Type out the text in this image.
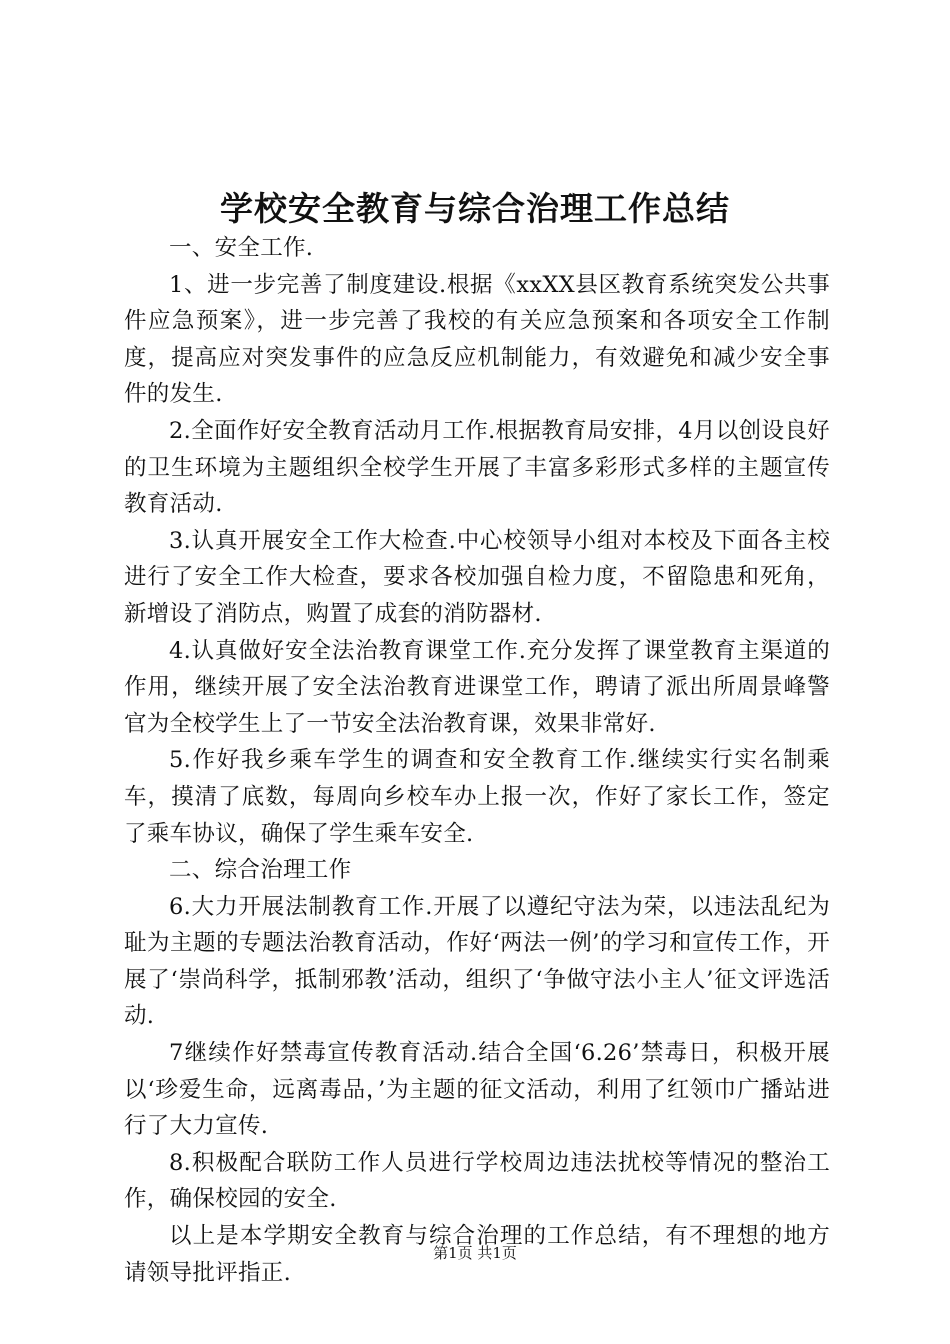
学校安全教育与综合治理工作总结

一、安全工作.

1、进一步完善了制度建设.根据《xxXX县区教育系统突发公共事件应急预案》，进一步完善了我校的有关应急预案和各项安全工作制度，提高应对突发事件的应急反应机制能力，有效避免和减少安全事件的发生.

2.全面作好安全教育活动月工作.根据教育局安排，4月以创设良好的卫生环境为主题组织全校学生开展了丰富多彩形式多样的主题宣传教育活动.

3.认真开展安全工作大检查.中心校领导小组对本校及下面各主校进行了安全工作大检查，要求各校加强自检力度，不留隐患和死角，新增设了消防点，购置了成套的消防器材.

4.认真做好安全法治教育课堂工作.充分发挥了课堂教育主渠道的作用，继续开展了安全法治教育进课堂工作，聘请了派出所周景峰警官为全校学生上了一节安全法治教育课，效果非常好.

5.作好我乡乘车学生的调查和安全教育工作.继续实行实名制乘车，摸清了底数，每周向乡校车办上报一次，作好了家长工作，签定了乘车协议，确保了学生乘车安全.

二、综合治理工作

6.大力开展法制教育工作.开展了以遵纪守法为荣，以违法乱纪为耻为主题的专题法治教育活动，作好‘两法一例’的学习和宣传工作，开展了‘崇尚科学，抵制邪教’活动，组织了‘争做守法小主人’征文评选活动.

7继续作好禁毒宣传教育活动.结合全国‘6.26’禁毒日，积极开展以‘珍爱生命，远离毒品，’为主题的征文活动，利用了红领巾广播站进行了大力宣传.

8.积极配合联防工作人员进行学校周边违法扰校等情况的整治工作，确保校园的安全.

以上是本学期安全教育与综合治理的工作总结，有不理想的地方请领导批评指正.

第1页 共1页
